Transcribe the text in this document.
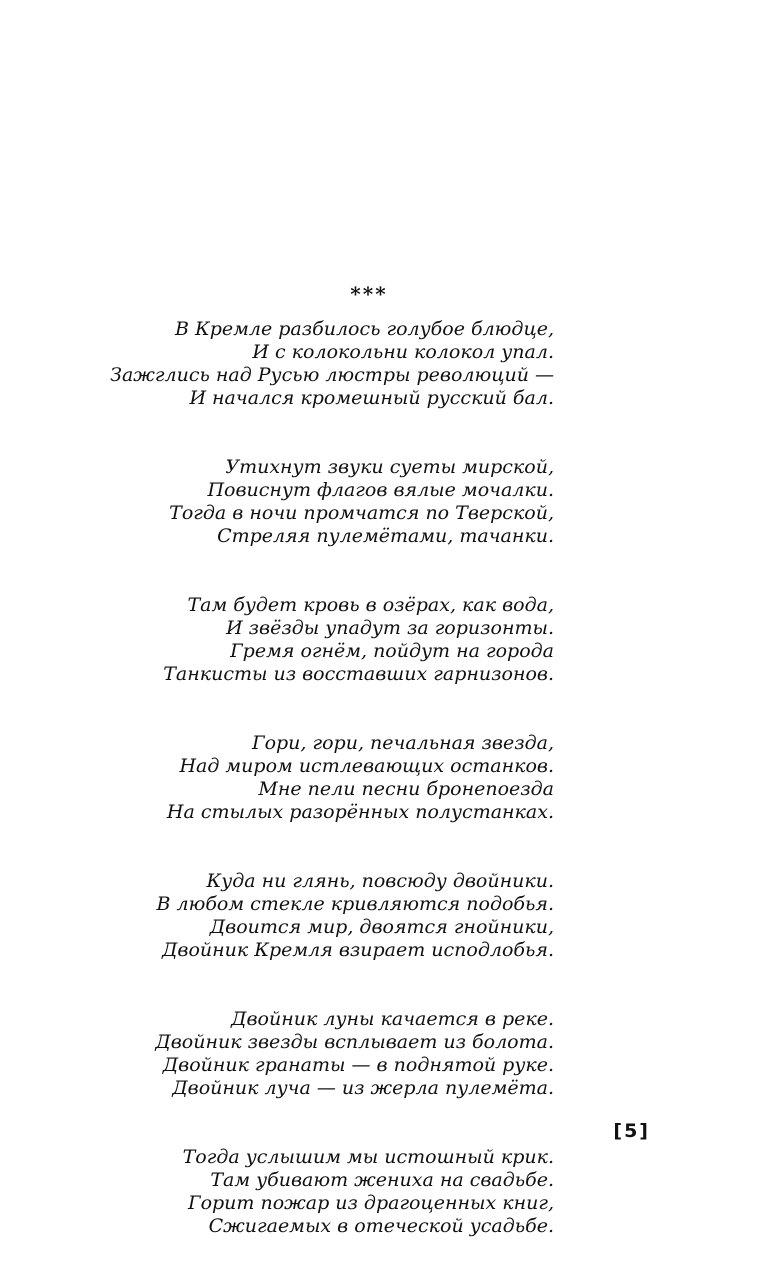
***
В Кремле разбилось голубое блюдце,
И с колокольни колокол упал.
Зажглись над Русью люстры революций —
И начался кромешный русский бал.
Утихнут звуки суеты мирской,
Повиснут флагов вялые мочалки.
Тогда в ночи промчатся по Тверской,
Стреляя пулемётами, тачанки.
Там будет кровь в озёрах, как вода,
И звёзды упадут за горизонты.
Гремя огнём, пойдут на города
Танкисты из восставших гарнизонов.
Гори, гори, печальная звезда,
Над миром истлевающих останков.
Мне пели песни бронепоезда
На стылых разорённых полустанках.
Куда ни глянь, повсюду двойники.
В любом стекле кривляются подобья.
Двоится мир, двоятся гнойники,
Двойник Кремля взирает исподлобья.
Двойник луны качается в реке.
Двойник звезды всплывает из болота.
Двойник гранаты — в поднятой руке.
Двойник луча — из жерла пулемёта.
Тогда услышим мы истошный крик.
Там убивают жениха на свадьбе.
Горит пожар из драгоценных книг,
Сжигаемых в отеческой усадьбе.
[5]
